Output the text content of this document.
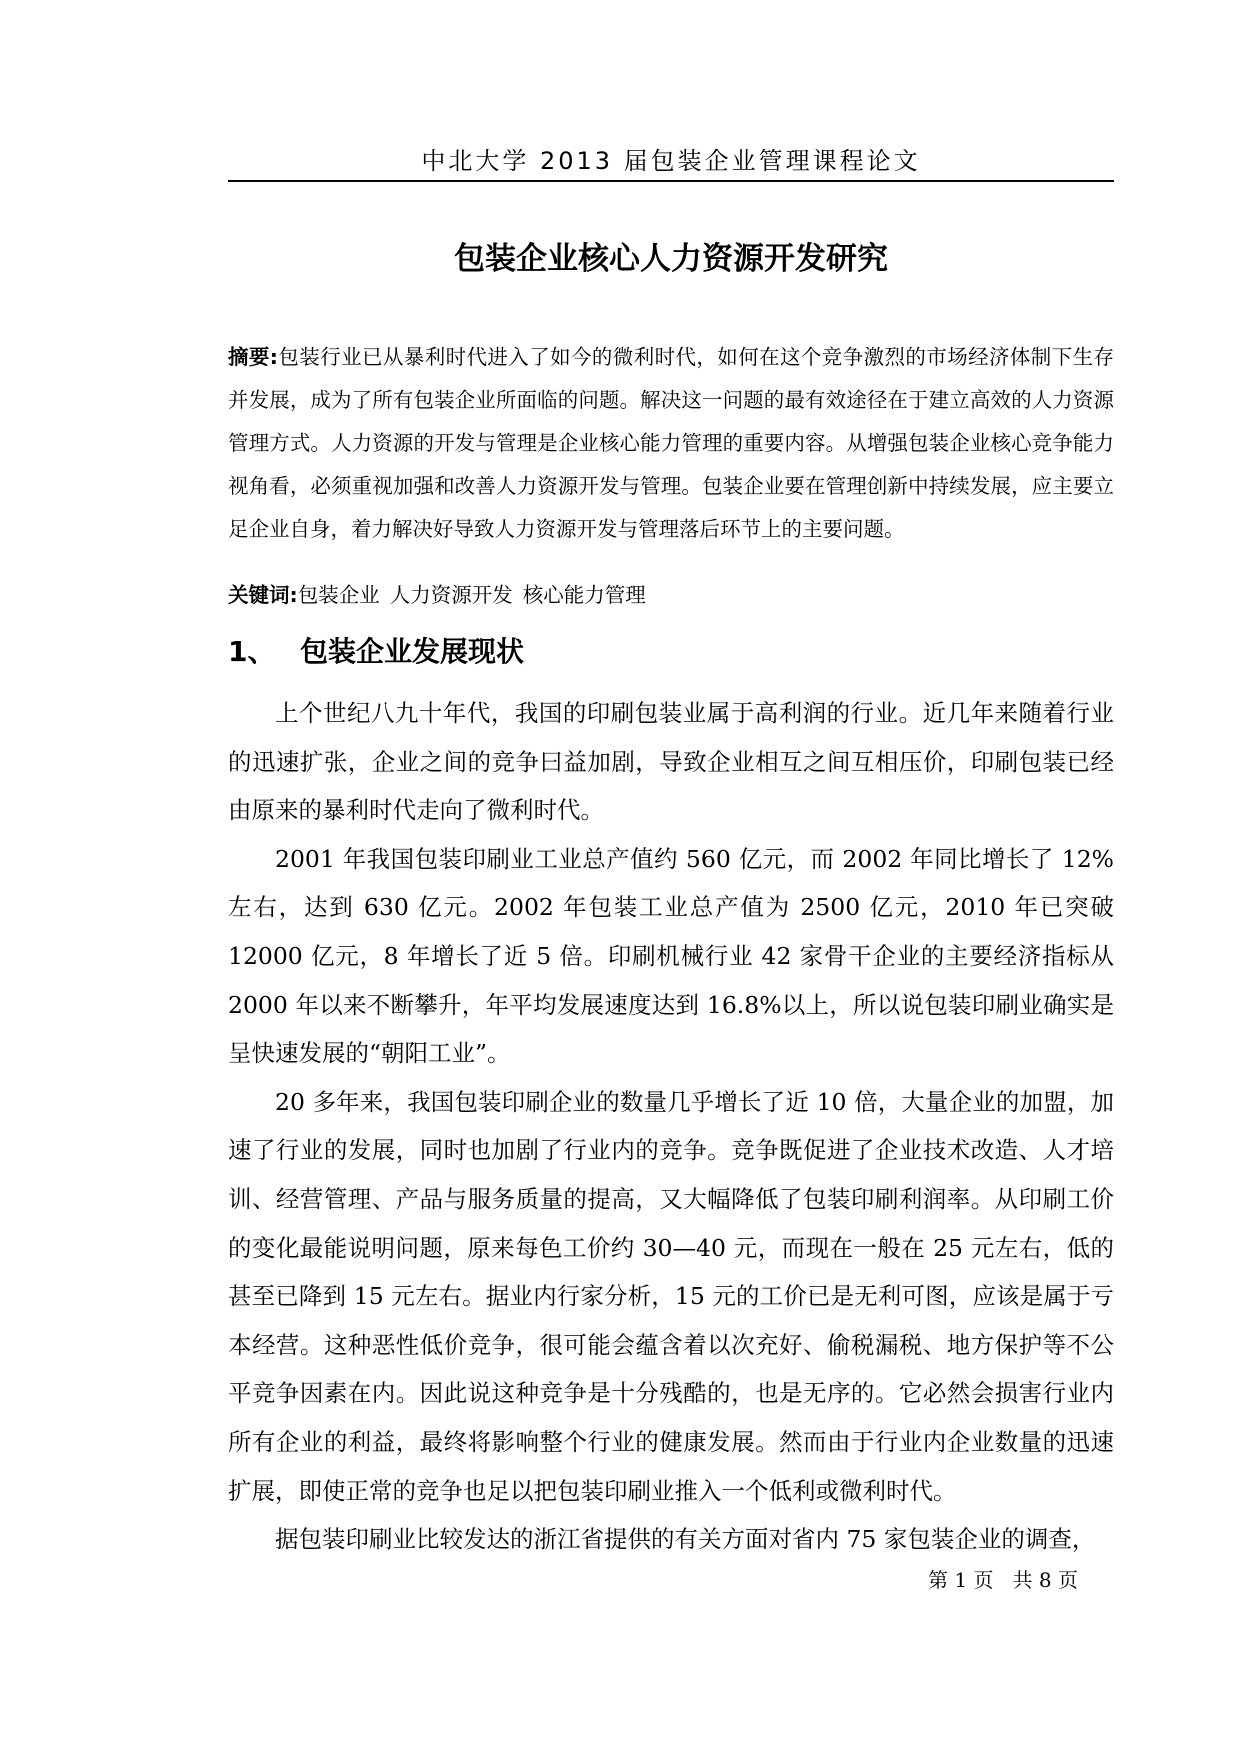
中北大学 2013 届包装企业管理课程论文
包装企业核心人力资源开发研究
摘要:包装行业已从暴利时代进入了如今的微利时代，如何在这个竞争激烈的市场经济体制下生存并发展，成为了所有包装企业所面临的问题。解决这一问题的最有效途径在于建立高效的人力资源管理方式。人力资源的开发与管理是企业核心能力管理的重要内容。从增强包装企业核心竞争能力视角看，必须重视加强和改善人力资源开发与管理。包装企业要在管理创新中持续发展，应主要立足企业自身，着力解决好导致人力资源开发与管理落后环节上的主要问题。
关键词:包装企业 人力资源开发 核心能力管理
1、 包装企业发展现状

上个世纪八九十年代，我国的印刷包装业属于高利润的行业。近几年来随着行业的迅速扩张，企业之间的竞争曰益加剧，导致企业相互之间互相压价，印刷包装已经由原来的暴利时代走向了微利时代。

2001 年我国包装印刷业工业总产值约 560 亿元，而 2002 年同比增长了 12%左右，达到 630 亿元。2002 年包装工业总产值为 2500 亿元，2010 年已突破 12000 亿元，8 年增长了近 5 倍。印刷机械行业 42 家骨干企业的主要经济指标从 2000 年以来不断攀升，年平均发展速度达到 16.8%以上，所以说包装印刷业确实是呈快速发展的“朝阳工业”。

20 多年来，我国包装印刷企业的数量几乎增长了近 10 倍，大量企业的加盟，加速了行业的发展，同时也加剧了行业内的竞争。竞争既促进了企业技术改造、人才培训、经营管理、产品与服务质量的提高，又大幅降低了包装印刷利润率。从印刷工价的变化最能说明问题，原来每色工价约 30—40 元，而现在一般在 25 元左右，低的甚至已降到 15 元左右。据业内行家分析，15 元的工价已是无利可图，应该是属于亏本经营。这种恶性低价竞争，很可能会蕴含着以次充好、偷税漏税、地方保护等不公平竞争因素在内。因此说这种竞争是十分残酷的，也是无序的。它必然会损害行业内所有企业的利益，最终将影响整个行业的健康发展。然而由于行业内企业数量的迅速扩展，即使正常的竞争也足以把包装印刷业推入一个低利或微利时代。

据包装印刷业比较发达的浙江省提供的有关方面对省内 75 家包装企业的调查，

第 1 页   共 8 页
